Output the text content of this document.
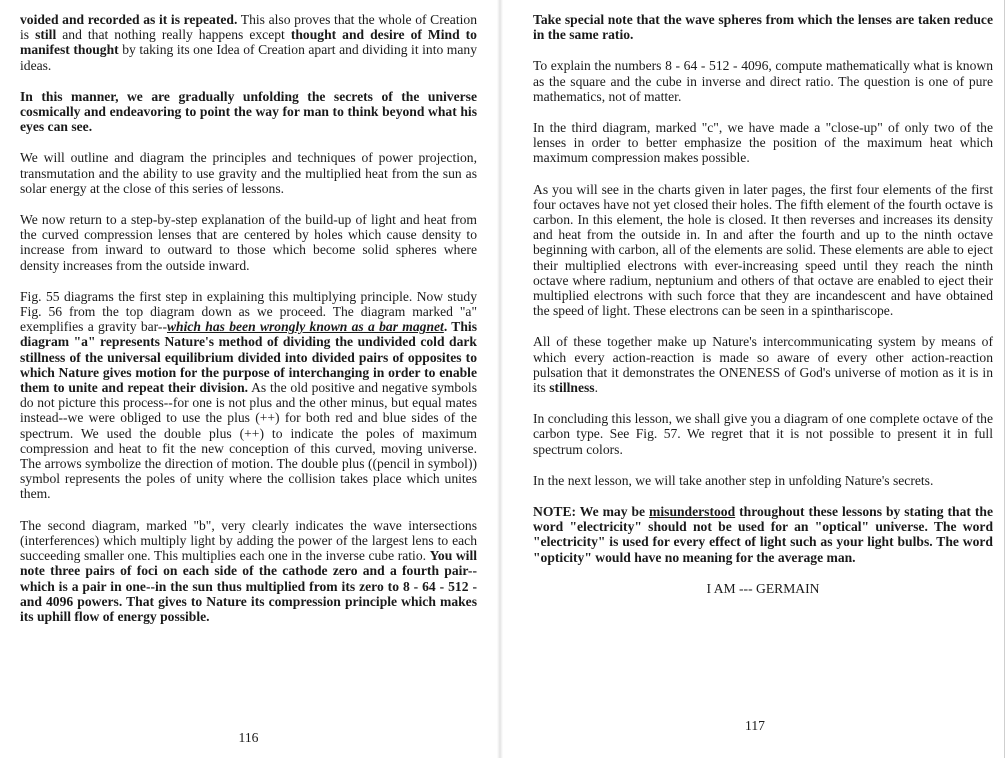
voided and recorded as it is repeated. This also proves that the whole of Creation is still and that nothing really happens except thought and desire of Mind to manifest thought by taking its one Idea of Creation apart and dividing it into many ideas.

In this manner, we are gradually unfolding the secrets of the universe cosmically and endeavoring to point the way for man to think beyond what his eyes can see.

We will outline and diagram the principles and techniques of power projection, transmutation and the ability to use gravity and the multiplied heat from the sun as solar energy at the close of this series of lessons.

We now return to a step-by-step explanation of the build-up of light and heat from the curved compression lenses that are centered by holes which cause density to increase from inward to outward to those which become solid spheres where density increases from the outside inward.

Fig. 55 diagrams the first step in explaining this multiplying principle. Now study Fig. 56 from the top diagram down as we proceed. The diagram marked "a" exemplifies a gravity bar--which has been wrongly known as a bar magnet. This diagram "a" represents Nature's method of dividing the undivided cold dark stillness of the universal equilibrium divided into divided pairs of opposites to which Nature gives motion for the purpose of interchanging in order to enable them to unite and repeat their division. As the old positive and negative symbols do not picture this process--for one is not plus and the other minus, but equal mates instead--we were obliged to use the plus (++) for both red and blue sides of the spectrum. We used the double plus (++) to indicate the poles of maximum compression and heat to fit the new conception of this curved, moving universe. The arrows symbolize the direction of motion. The double plus ((pencil in symbol)) symbol represents the poles of unity where the collision takes place which unites them.

The second diagram, marked "b", very clearly indicates the wave intersections (interferences) which multiply light by adding the power of the largest lens to each succeeding smaller one. This multiplies each one in the inverse cube ratio. You will note three pairs of foci on each side of the cathode zero and a fourth pair--which is a pair in one--in the sun thus multiplied from its zero to 8 - 64 - 512 - and 4096 powers. That gives to Nature its compression principle which makes its uphill flow of energy possible.

116

Take special note that the wave spheres from which the lenses are taken reduce in the same ratio.

To explain the numbers 8 - 64 - 512 - 4096, compute mathematically what is known as the square and the cube in inverse and direct ratio. The question is one of pure mathematics, not of matter.

In the third diagram, marked "c", we have made a "close-up" of only two of the lenses in order to better emphasize the position of the maximum heat which maximum compression makes possible.

As you will see in the charts given in later pages, the first four elements of the first four octaves have not yet closed their holes. The fifth element of the fourth octave is carbon. In this element, the hole is closed. It then reverses and increases its density and heat from the outside in. In and after the fourth and up to the ninth octave beginning with carbon, all of the elements are solid. These elements are able to eject their multiplied electrons with ever-increasing speed until they reach the ninth octave where radium, neptunium and others of that octave are enabled to eject their multiplied electrons with such force that they are incandescent and have obtained the speed of light. These electrons can be seen in a spinthariscope.

All of these together make up Nature's intercommunicating system by means of which every action-reaction is made so aware of every other action-reaction pulsation that it demonstrates the ONENESS of God's universe of motion as it is in its stillness.

In concluding this lesson, we shall give you a diagram of one complete octave of the carbon type. See Fig. 57. We regret that it is not possible to present it in full spectrum colors.

In the next lesson, we will take another step in unfolding Nature's secrets.

NOTE: We may be misunderstood throughout these lessons by stating that the word "electricity" should not be used for an "optical" universe. The word "electricity" is used for every effect of light such as your light bulbs. The word "opticity" would have no meaning for the average man.

I AM --- GERMAIN

117
